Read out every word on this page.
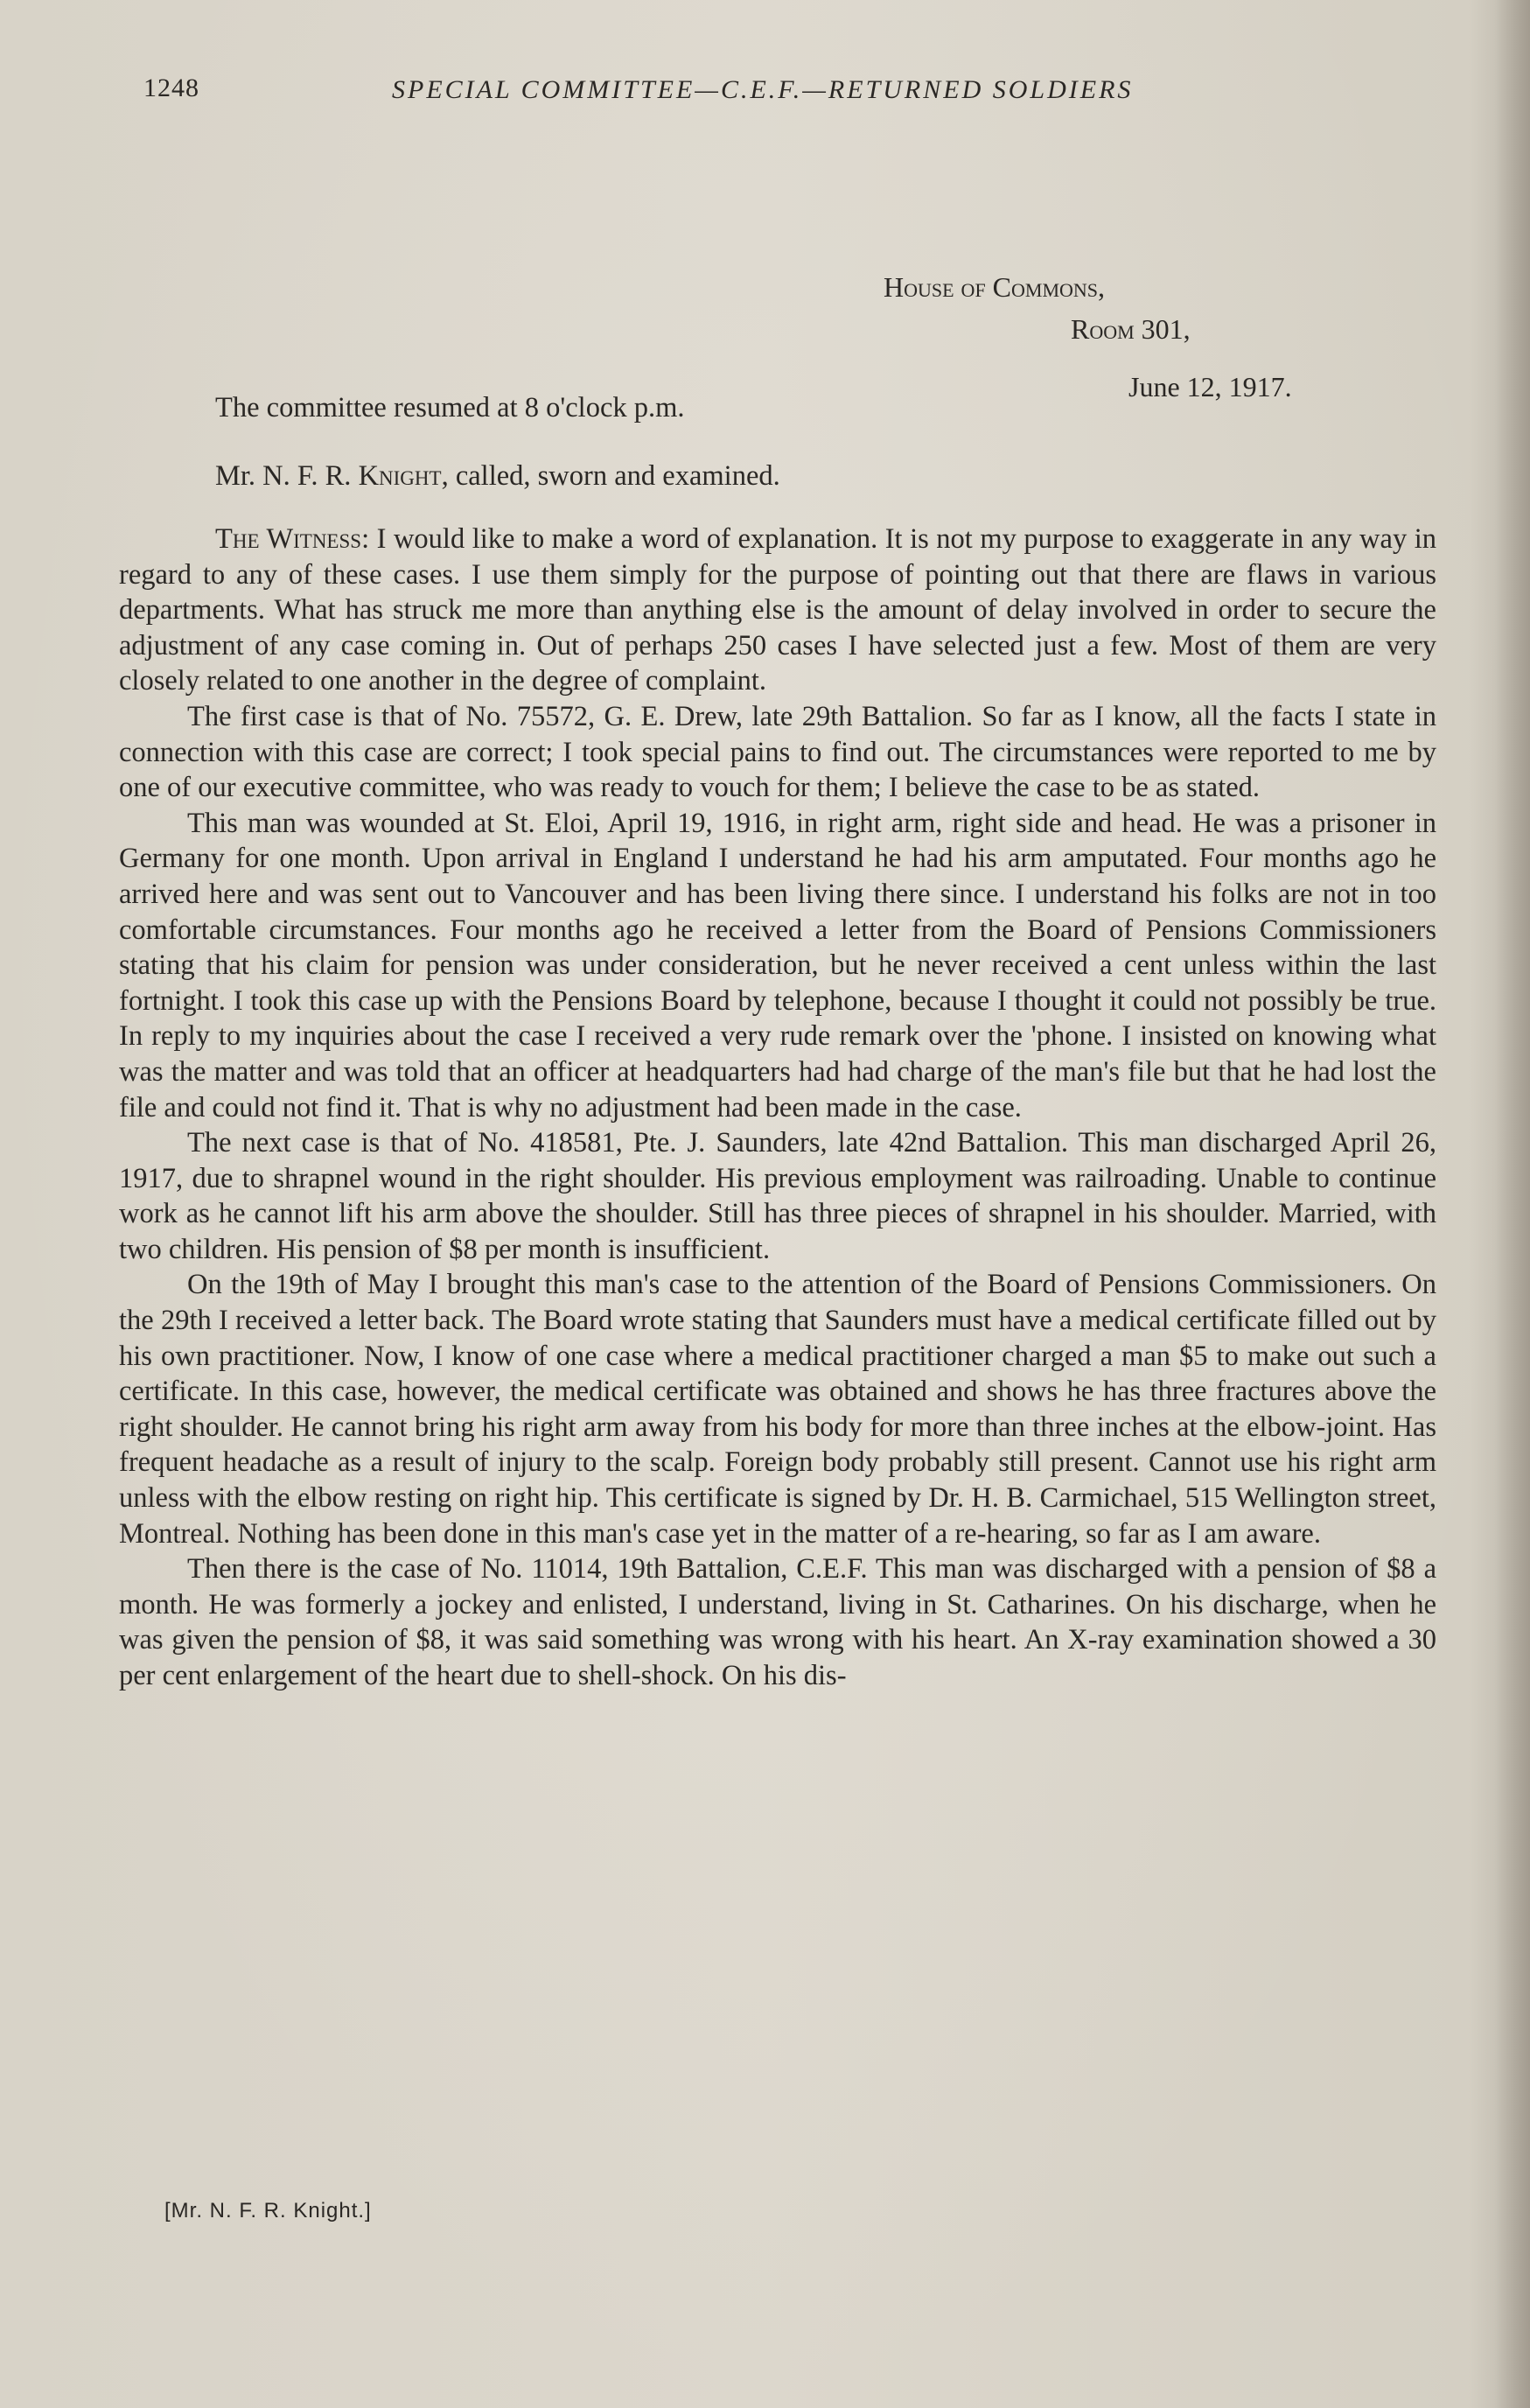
1248	SPECIAL COMMITTEE—C.E.F.—RETURNED SOLDIERS
House of Commons,
Room 301,
June 12, 1917.

The committee resumed at 8 o'clock p.m.

Mr. N. F. R. Knight, called, sworn and examined.

The Witness: I would like to make a word of explanation. It is not my purpose to exaggerate in any way in regard to any of these cases. I use them simply for the purpose of pointing out that there are flaws in various departments. What has struck me more than anything else is the amount of delay involved in order to secure the adjustment of any case coming in. Out of perhaps 250 cases I have selected just a few. Most of them are very closely related to one another in the degree of complaint.

The first case is that of No. 75572, G. E. Drew, late 29th Battalion. So far as I know, all the facts I state in connection with this case are correct; I took special pains to find out. The circumstances were reported to me by one of our executive committee, who was ready to vouch for them; I believe the case to be as stated.

This man was wounded at St. Eloi, April 19, 1916, in right arm, right side and head. He was a prisoner in Germany for one month. Upon arrival in England I understand he had his arm amputated. Four months ago he arrived here and was sent out to Vancouver and has been living there since. I understand his folks are not in too comfortable circumstances. Four months ago he received a letter from the Board of Pensions Commissioners stating that his claim for pension was under consideration, but he never received a cent unless within the last fortnight. I took this case up with the Pensions Board by telephone, because I thought it could not possibly be true. In reply to my inquiries about the case I received a very rude remark over the 'phone. I insisted on knowing what was the matter and was told that an officer at headquarters had had charge of the man's file but that he had lost the file and could not find it. That is why no adjustment had been made in the case.

The next case is that of No. 418581, Pte. J. Saunders, late 42nd Battalion. This man discharged April 26, 1917, due to shrapnel wound in the right shoulder. His previous employment was railroading. Unable to continue work as he cannot lift his arm above the shoulder. Still has three pieces of shrapnel in his shoulder. Married, with two children. His pension of $8 per month is insufficient.

On the 19th of May I brought this man's case to the attention of the Board of Pensions Commissioners. On the 29th I received a letter back. The Board wrote stating that Saunders must have a medical certificate filled out by his own practitioner. Now, I know of one case where a medical practitioner charged a man $5 to make out such a certificate. In this case, however, the medical certificate was obtained and shows he has three fractures above the right shoulder. He cannot bring his right arm away from his body for more than three inches at the elbow-joint. Has frequent headache as a result of injury to the scalp. Foreign body probably still present. Cannot use his right arm unless with the elbow resting on right hip. This certificate is signed by Dr. H. B. Carmichael, 515 Wellington street, Montreal. Nothing has been done in this man's case yet in the matter of a re-hearing, so far as I am aware.

Then there is the case of No. 11014, 19th Battalion, C.E.F. This man was discharged with a pension of $8 a month. He was formerly a jockey and enlisted, I understand, living in St. Catharines. On his discharge, when he was given the pension of $8, it was said something was wrong with his heart. An X-ray examination showed a 30 per cent enlargement of the heart due to shell-shock. On his dis-

[Mr. N. F. R. Knight.]
